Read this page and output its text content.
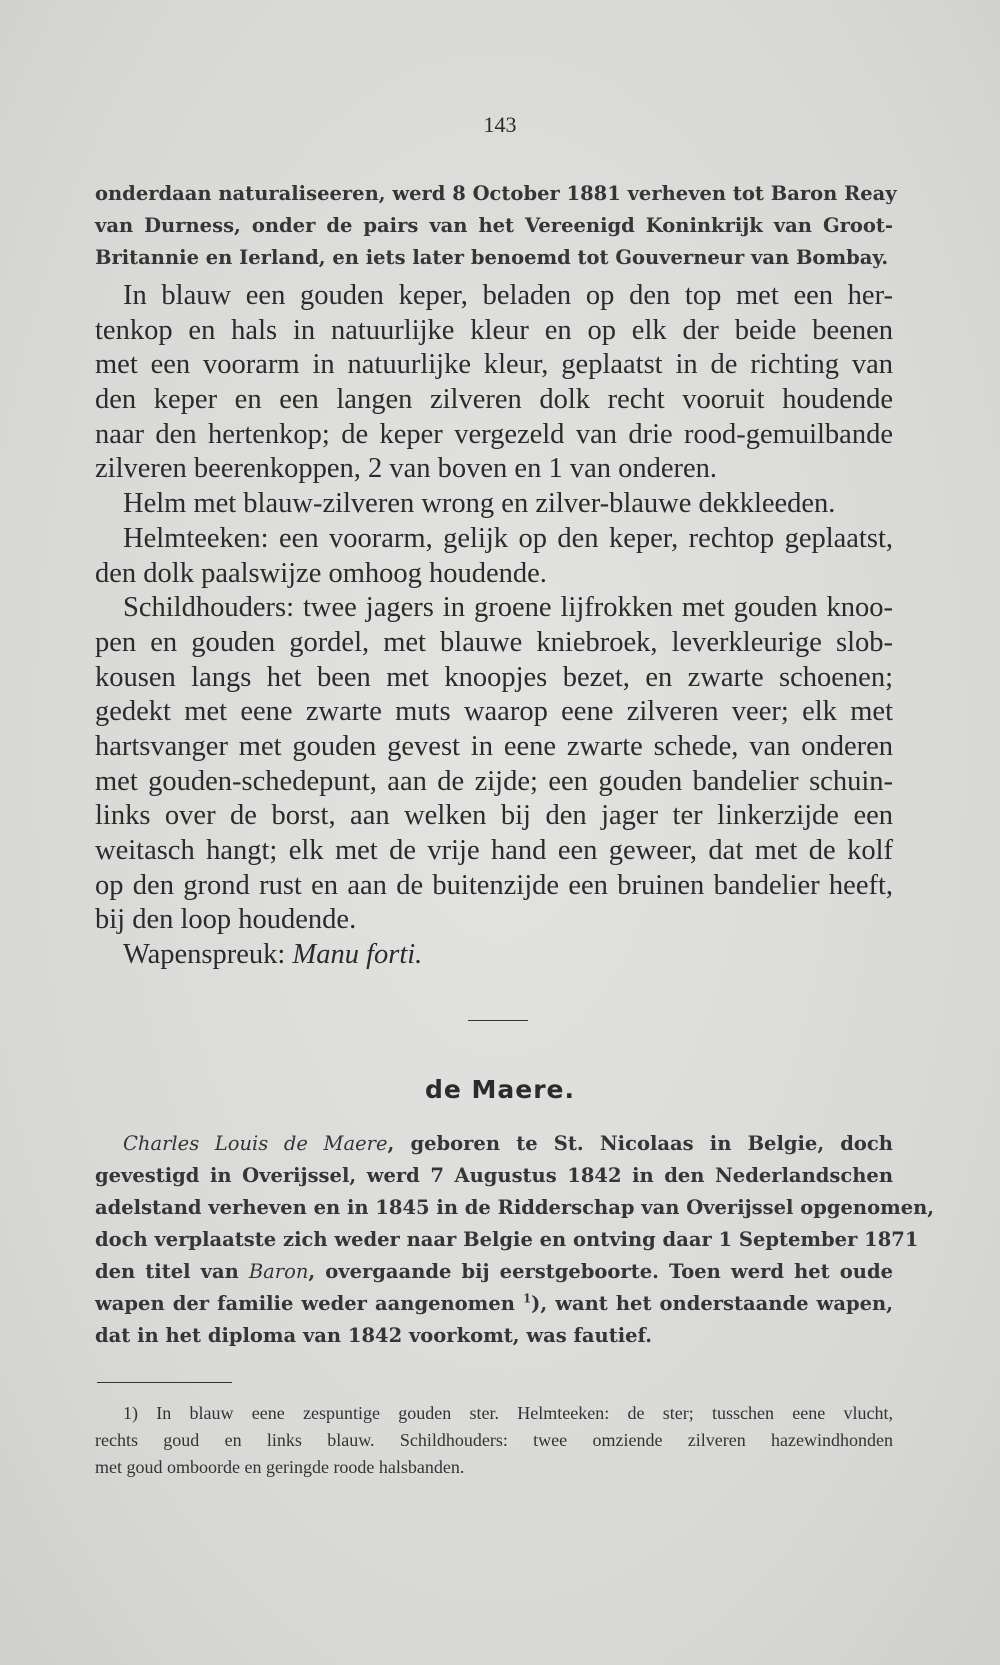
143
onderdaan naturaliseeren, werd 8 October 1881 verheven tot Baron Reay
van Durness, onder de pairs van het Vereenigd Koninkrijk van Groot-
Britannie en Ierland, en iets later benoemd tot Gouverneur van Bombay.
In blauw een gouden keper, beladen op den top met een her-
tenkop en hals in natuurlijke kleur en op elk der beide beenen
met een voorarm in natuurlijke kleur, geplaatst in de richting van
den keper en een langen zilveren dolk recht vooruit houdende
naar den hertenkop; de keper vergezeld van drie rood-gemuilbande
zilveren beerenkoppen, 2 van boven en 1 van onderen.
Helm met blauw-zilveren wrong en zilver-blauwe dekkleeden.
Helmteeken: een voorarm, gelijk op den keper, rechtop geplaatst,
den dolk paalswijze omhoog houdende.
Schildhouders: twee jagers in groene lijfrokken met gouden knoo-
pen en gouden gordel, met blauwe kniebroek, leverkleurige slob-
kousen langs het been met knoopjes bezet, en zwarte schoenen;
gedekt met eene zwarte muts waarop eene zilveren veer; elk met
hartsvanger met gouden gevest in eene zwarte schede, van onderen
met gouden-schedepunt, aan de zijde; een gouden bandelier schuin-
links over de borst, aan welken bij den jager ter linkerzijde een
weitasch hangt; elk met de vrije hand een geweer, dat met de kolf
op den grond rust en aan de buitenzijde een bruinen bandelier heeft,
bij den loop houdende.
Wapenspreuk: Manu forti.
de Maere.
Charles Louis de Maere, geboren te St. Nicolaas in Belgie, doch
gevestigd in Overijssel, werd 7 Augustus 1842 in den Nederlandschen
adelstand verheven en in 1845 in de Ridderschap van Overijssel opgenomen,
doch verplaatste zich weder naar Belgie en ontving daar 1 September 1871
den titel van Baron, overgaande bij eerstgeboorte. Toen werd het oude
wapen der familie weder aangenomen $^1$), want het onderstaande wapen,
dat in het diploma van 1842 voorkomt, was fautief.
1) In blauw eene zespuntige gouden ster. Helmteeken: de ster; tusschen eene vlucht,
rechts goud en links blauw. Schildhouders: twee omziende zilveren hazewindhonden
met goud omboorde en geringde roode halsbanden.
